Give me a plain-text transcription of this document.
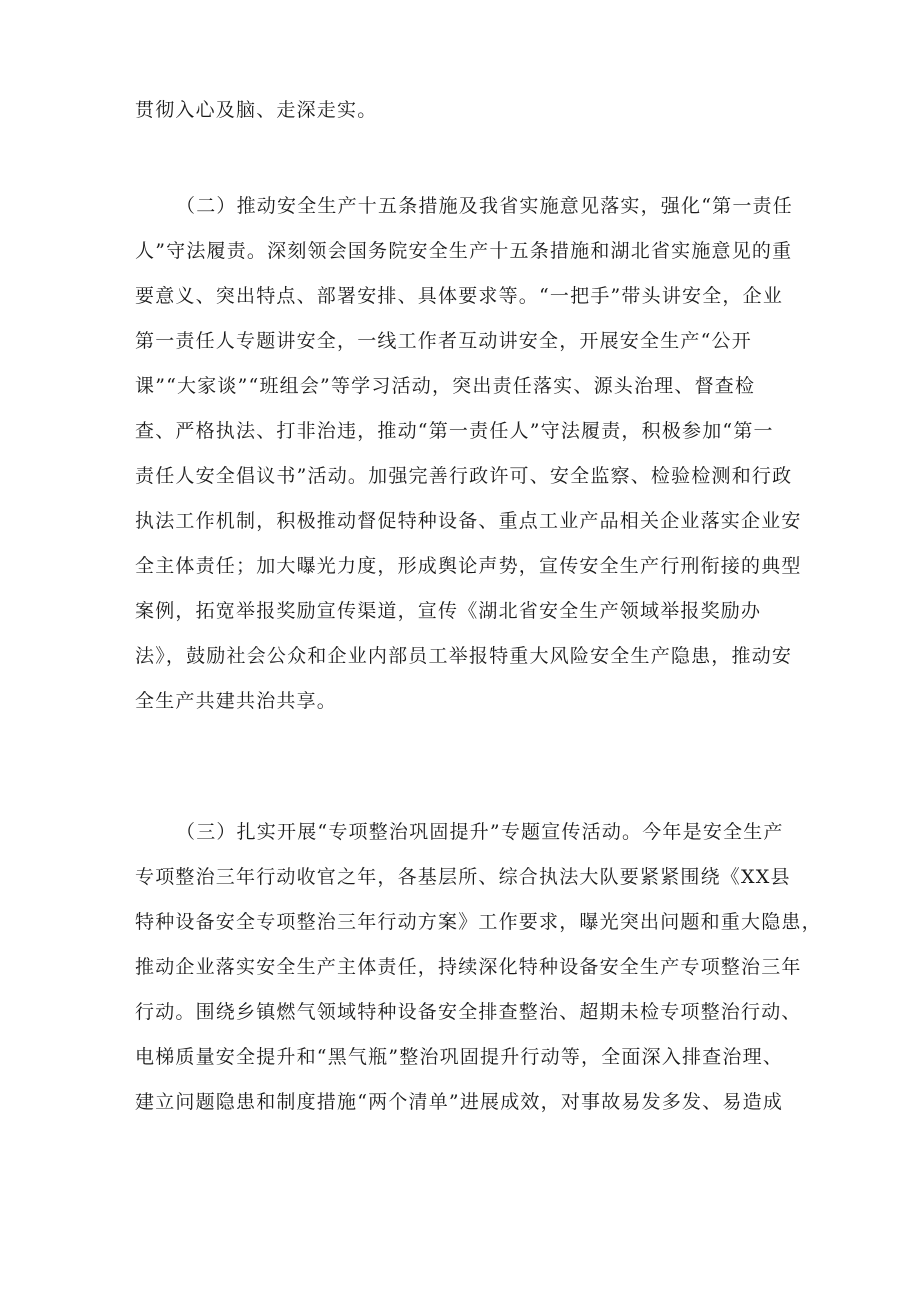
贯彻入心及脑、走深走实。

（二）推动安全生产十五条措施及我省实施意见落实，强化“第一责任

人”守法履责。深刻领会国务院安全生产十五条措施和湖北省实施意见的重

要意义、突出特点、部署安排、具体要求等。“一把手”带头讲安全，企业

第一责任人专题讲安全，一线工作者互动讲安全，开展安全生产“公开

课”“大家谈”“班组会”等学习活动，突出责任落实、源头治理、督查检

查、严格执法、打非治违，推动“第一责任人”守法履责，积极参加“第一

责任人安全倡议书”活动。加强完善行政许可、安全监察、检验检测和行政

执法工作机制，积极推动督促特种设备、重点工业产品相关企业落实企业安

全主体责任；加大曝光力度，形成舆论声势，宣传安全生产行刑衔接的典型

案例，拓宽举报奖励宣传渠道，宣传《湖北省安全生产领域举报奖励办

法》，鼓励社会公众和企业内部员工举报特重大风险安全生产隐患，推动安

全生产共建共治共享。

（三）扎实开展“专项整治巩固提升”专题宣传活动。今年是安全生产

专项整治三年行动收官之年，各基层所、综合执法大队要紧紧围绕《XX县

特种设备安全专项整治三年行动方案》工作要求，曝光突出问题和重大隐患，

推动企业落实安全生产主体责任，持续深化特种设备安全生产专项整治三年

行动。围绕乡镇燃气领域特种设备安全排查整治、超期未检专项整治行动、

电梯质量安全提升和“黑气瓶”整治巩固提升行动等，全面深入排查治理、

建立问题隐患和制度措施“两个清单”进展成效，对事故易发多发、易造成
